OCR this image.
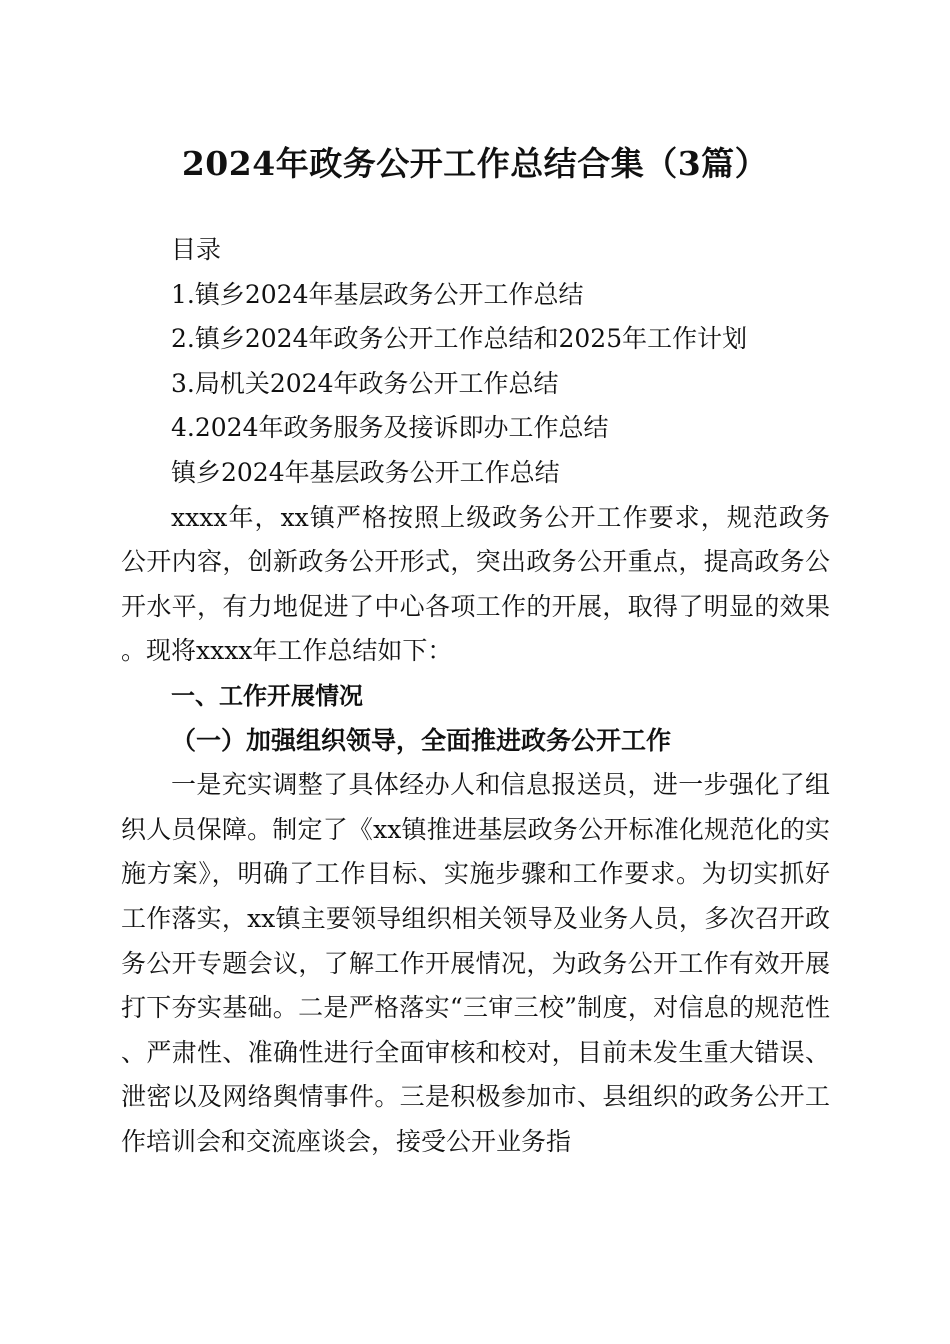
2024年政务公开工作总结合集（3篇）

目录

1.镇乡2024年基层政务公开工作总结

2.镇乡2024年政务公开工作总结和2025年工作计划

3.局机关2024年政务公开工作总结

4.2024年政务服务及接诉即办工作总结

镇乡2024年基层政务公开工作总结

xxxx年，xx镇严格按照上级政务公开工作要求，规范政务公开内容，创新政务公开形式，突出政务公开重点，提高政务公开水平，有力地促进了中心各项工作的开展，取得了明显的效果。现将xxxx年工作总结如下：

一、工作开展情况

（一）加强组织领导，全面推进政务公开工作

一是充实调整了具体经办人和信息报送员，进一步强化了组织人员保障。制定了《xx镇推进基层政务公开标准化规范化的实施方案》，明确了工作目标、实施步骤和工作要求。为切实抓好工作落实，xx镇主要领导组织相关领导及业务人员，多次召开政务公开专题会议，了解工作开展情况，为政务公开工作有效开展打下夯实基础。二是严格落实“三审三校”制度，对信息的规范性、严肃性、准确性进行全面审核和校对，目前未发生重大错误、泄密以及网络舆情事件。三是积极参加市、县组织的政务公开工作培训会和交流座谈会，接受公开业务指
